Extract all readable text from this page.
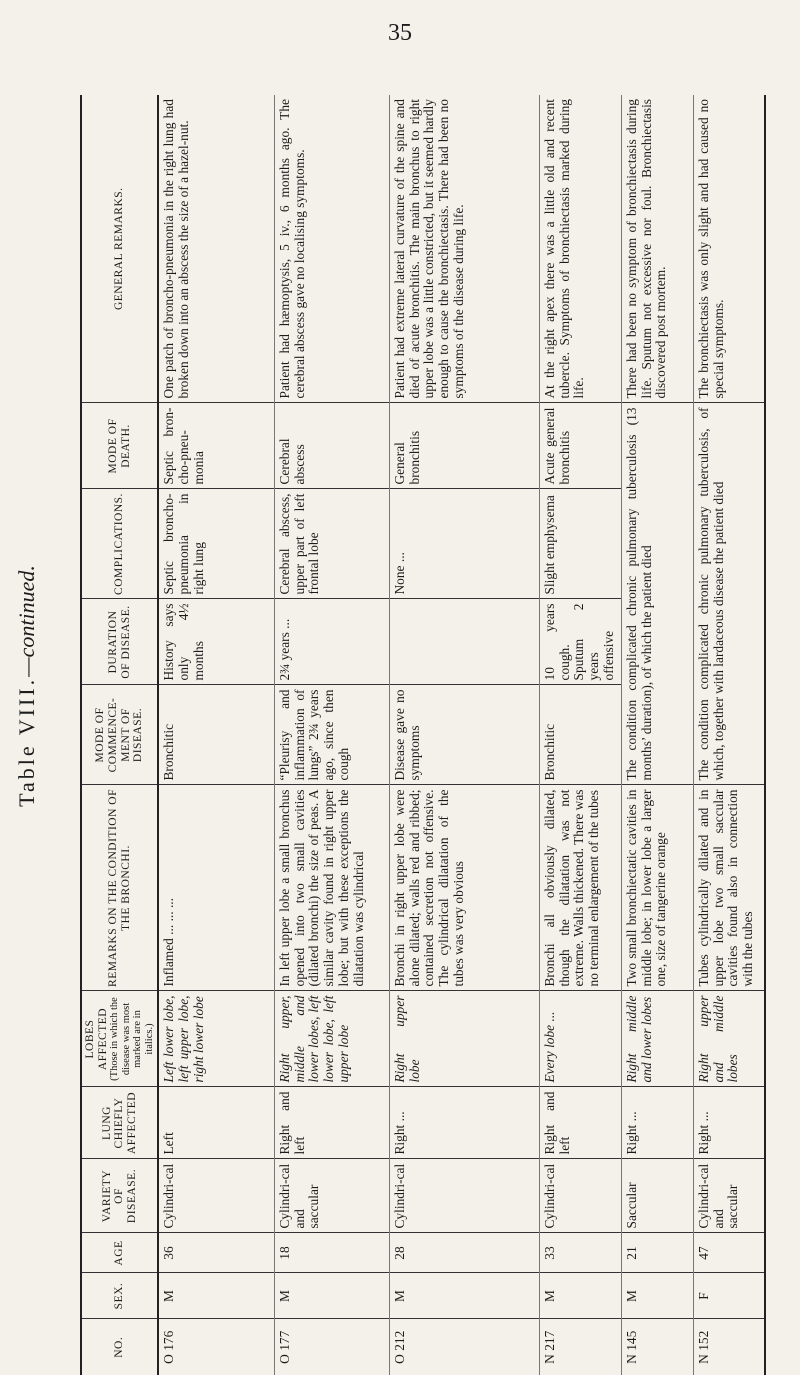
35

Table VIII.—continued.
NO.	SEX.	AGE	VARIETY OF DISEASE.	LUNG CHIEFLY AFFECTED	LOBES AFFECTED (Those in which the disease was most marked are in italics.)	REMARKS ON THE CONDITION OF THE BRONCHI.	MODE OF COMMENCE-MENT OF DISEASE.	DURATION OF DISEASE.	COMPLICATIONS.	MODE OF DEATH.	GENERAL REMARKS.
O 176	M	36	Cylindri-cal	Left	Left lower lobe, left upper lobe, right lower lobe	Inflamed ... ... ...	Bronchitic	History says only 4½ months	Septic broncho-pneumonia in right lung	Septic bron-cho-pneu-monia	One patch of broncho-pneumonia in the right lung had broken down into an abscess the size of a hazel-nut.
O 177	M	18	Cylindri-cal and saccular	Right and left	Right upper, middle and lower lobes, left lower lobe, left upper lobe	In left upper lobe a small bronchus opened into two small cavities (dilated bronchi) the size of peas. A similar cavity found in right upper lobe; but with these exceptions the dilatation was cylindrical	“Pleurisy and inflammation of lungs” 2¾ years ago, since then cough	2¾ years ...	Cerebral abscess, upper part of left frontal lobe	Cerebral abscess	Patient had hæmoptysis, 5 iv., 6 months ago. The cerebral abscess gave no localising symptoms.
O 212	M	28	Cylindri-cal	Right ...	Right upper lobe	Bronchi in right upper lobe were alone dilated; walls red and ribbed; contained secretion not offensive. The cylindrical dilatation of the tubes was very obvious	Disease gave no symptoms		None ...	General bronchitis	Patient had extreme lateral curvature of the spine and died of acute bronchitis. The main bronchus to right upper lobe was a little constricted, but it seemed hardly enough to cause the bronchiectasis. There had been no symptoms of the disease during life.
N 217	M	33	Cylindri-cal	Right and left	Every lobe ...	Bronchi all obviously dilated, though the dilatation was not extreme. Walls thickened. There was no terminal enlargement of the tubes	Bronchitic	10 years cough. Sputum 2 years offensive	Slight emphysema	Acute general bronchitis	At the right apex there was a little old and recent tubercle. Symptoms of bronchiectasis marked during life.
N 145	M	21	Saccular	Right ...	Right middle and lower lobes	Two small bronchiectatic cavities in middle lobe; in lower lobe a larger one, size of tangerine orange	The condition complicated chronic pulmonary tuberculosis (13 months’ duration), of which the patient died				There had been no symptom of bronchiectasis during life. Sputum not excessive nor foul. Bronchiectasis discovered post mortem.
N 152	F	47	Cylindri-cal and saccular	Right ...	Right upper and middle lobes	Tubes cylindrically dilated and in upper lobe two small saccular cavities found also in connection with the tubes	The condition complicated chronic pulmonary tuberculosis, of which, together with lardaceous disease the patient died				The bronchiectasis was only slight and had caused no special symptoms.
